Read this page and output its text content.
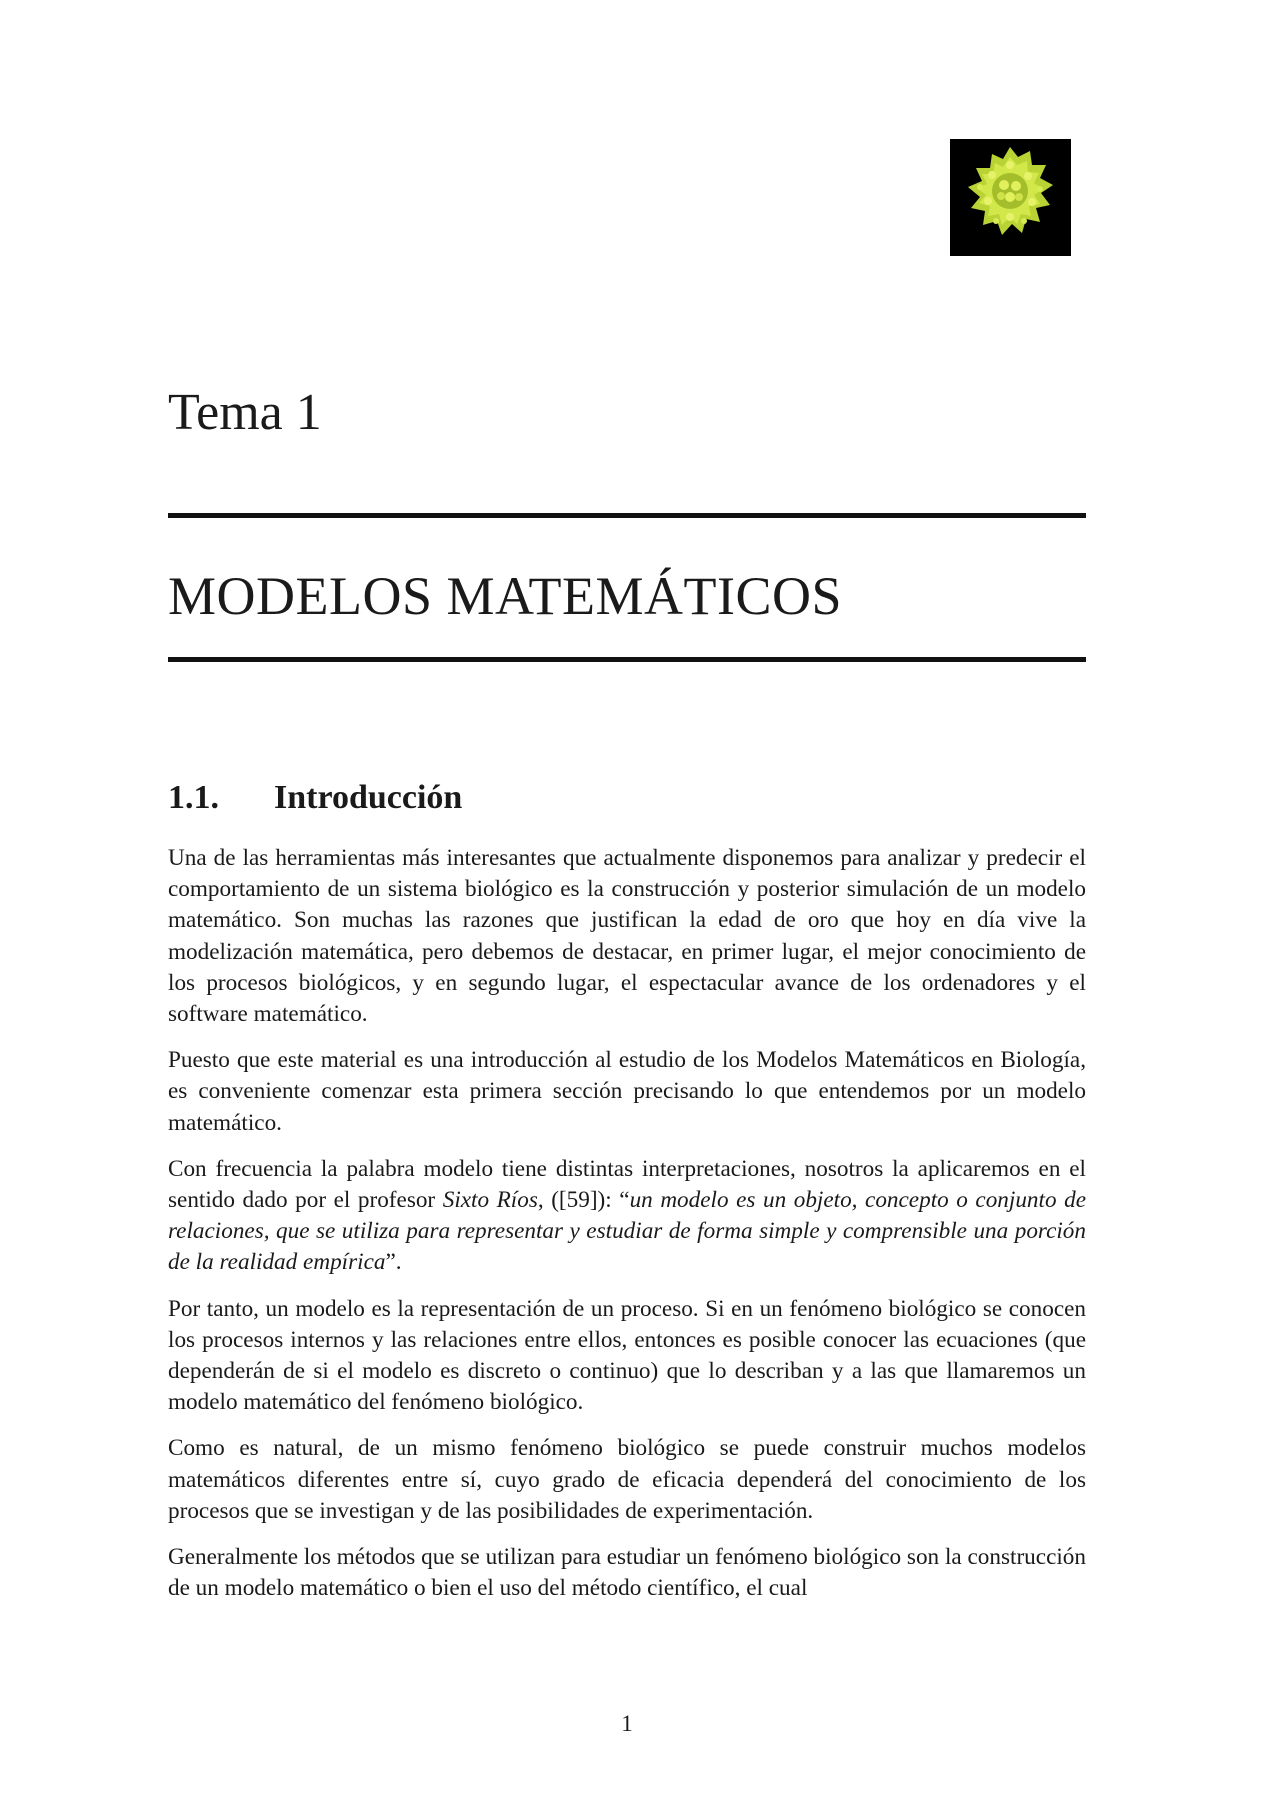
Tema 1
MODELOS MATEMÁTICOS
1.1. Introducción

Una de las herramientas más interesantes que actualmente disponemos para analizar y predecir el comportamiento de un sistema biológico es la construcción y posterior simulación de un modelo matemático. Son muchas las razones que justifican la edad de oro que hoy en día vive la modelización matemática, pero debemos de destacar, en primer lugar, el mejor conocimiento de los procesos biológicos, y en segundo lugar, el espectacular avance de los ordenadores y el software matemático.

Puesto que este material es una introducción al estudio de los Modelos Matemáticos en Biología, es conveniente comenzar esta primera sección precisando lo que entendemos por un modelo matemático.

Con frecuencia la palabra modelo tiene distintas interpretaciones, nosotros la aplicaremos en el sentido dado por el profesor Sixto Ríos, ([59]): “un modelo es un objeto, concepto o conjunto de relaciones, que se utiliza para representar y estudiar de forma simple y comprensible una porción de la realidad empírica”.

Por tanto, un modelo es la representación de un proceso. Si en un fenómeno biológico se conocen los procesos internos y las relaciones entre ellos, entonces es posible conocer las ecuaciones (que dependerán de si el modelo es discreto o continuo) que lo describan y a las que llamaremos un modelo matemático del fenómeno biológico.

Como es natural, de un mismo fenómeno biológico se puede construir muchos modelos matemáticos diferentes entre sí, cuyo grado de eficacia dependerá del conocimiento de los procesos que se investigan y de las posibilidades de experimentación.

Generalmente los métodos que se utilizan para estudiar un fenómeno biológico son la construcción de un modelo matemático o bien el uso del método científico, el cual

1
